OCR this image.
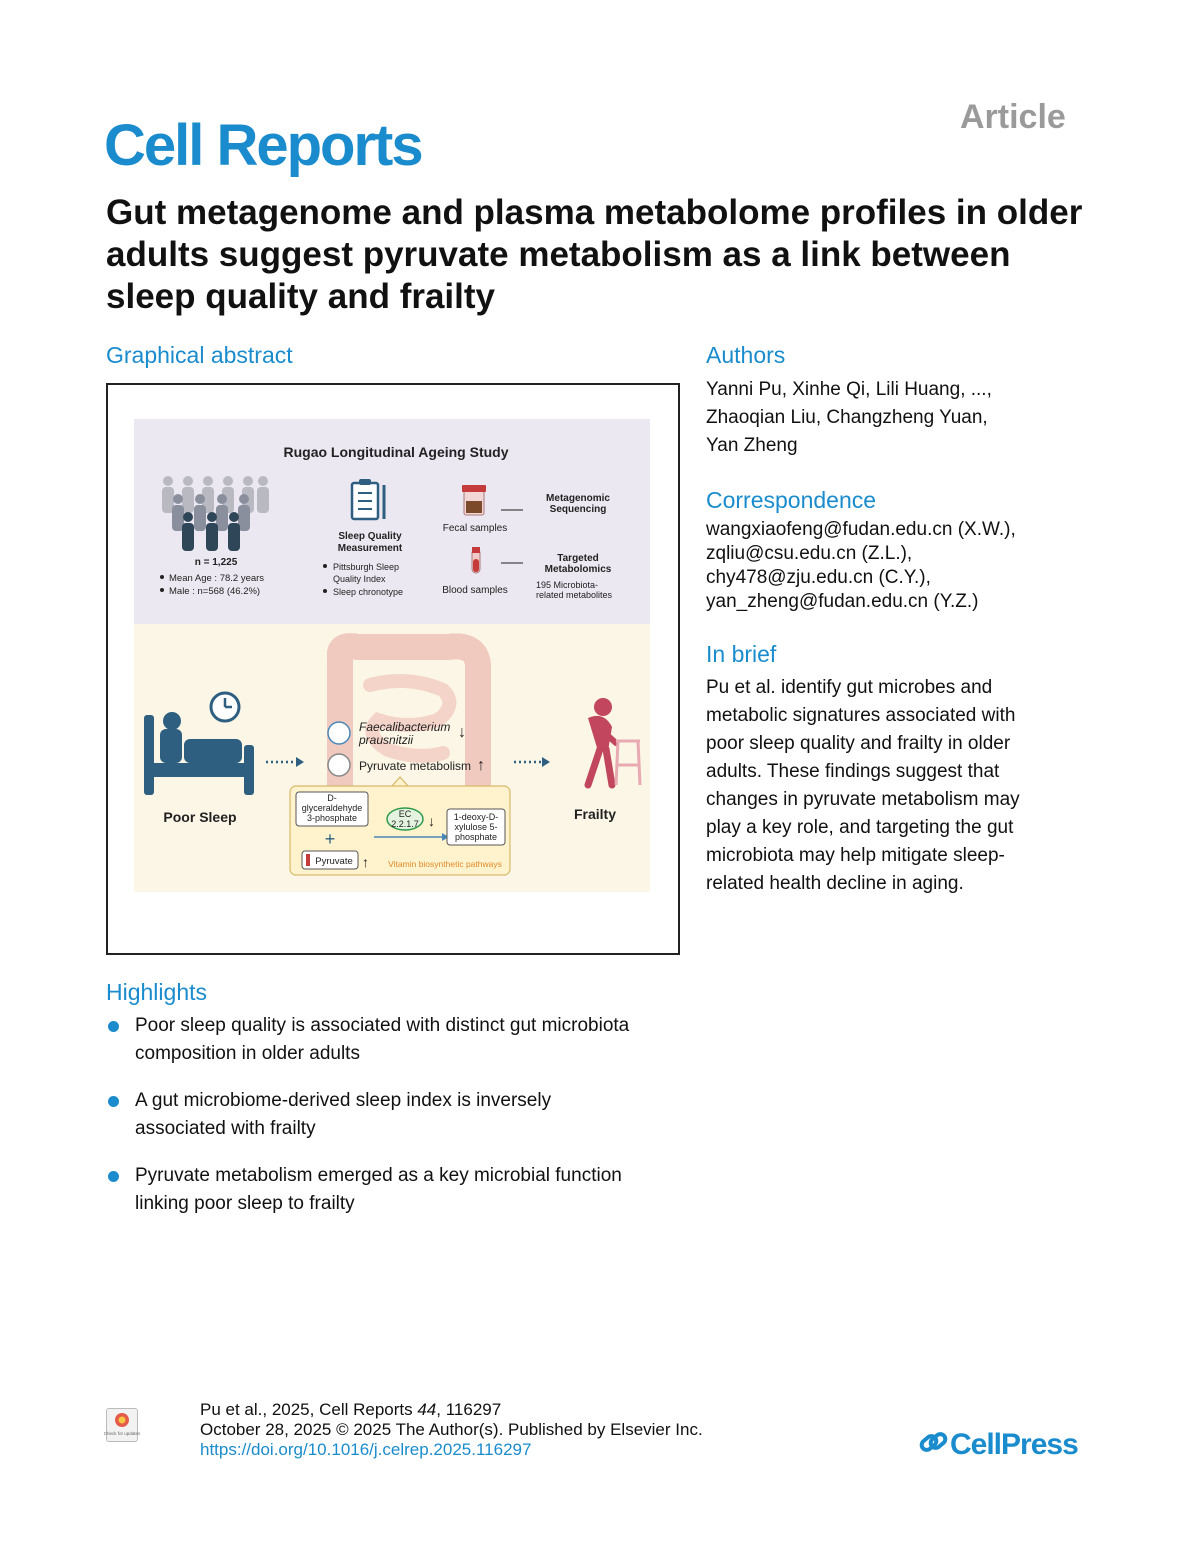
Article
Cell Reports
Gut metagenome and plasma metabolome profiles in older adults suggest pyruvate metabolism as a link between sleep quality and frailty
Graphical abstract
Rugao Longitudinal Ageing Study
n = 1,225
Mean Age : 78.2 years
Male : n=568 (46.2%)
Sleep Quality
Measurement
Pittsburgh Sleep
Quality Index
Sleep chronotype
Fecal samples
Metagenomic
Sequencing
Blood samples
Targeted
Metabolomics
195 Microbiota-
related metabolites
Poor Sleep
Faecalibacterium
prausnitzii	↓
Pyruvate metabolism ↑
D-
glyceraldehyde
3-phosphate
+
Pyruvate ↑
EC
2.2.1.7 ↓ 1-deoxy-D-
xylulose 5-
phosphate
Vitamin biosynthetic pathways
Frailty
Authors
Yanni Pu, Xinhe Qi, Lili Huang, ...,
Zhaoqian Liu, Changzheng Yuan,
Yan Zheng
Correspondence
wangxiaofeng@fudan.edu.cn (X.W.),
zqliu@csu.edu.cn (Z.L.),
chy478@zju.edu.cn (C.Y.),
yan_zheng@fudan.edu.cn (Y.Z.)
In brief
Pu et al. identify gut microbes and
metabolic signatures associated with
poor sleep quality and frailty in older
adults. These findings suggest that
changes in pyruvate metabolism may
play a key role, and targeting the gut
microbiota may help mitigate sleep-
related health decline in aging.
Highlights
Poor sleep quality is associated with distinct gut microbiota
composition in older adults
A gut microbiome-derived sleep index is inversely
associated with frailty
Pyruvate metabolism emerged as a key microbial function
linking poor sleep to frailty
Check for updates
Pu et al., 2025, Cell Reports 44, 116297
October 28, 2025 © 2025 The Author(s). Published by Elsevier Inc.
https://doi.org/10.1016/j.celrep.2025.116297	CellPress
